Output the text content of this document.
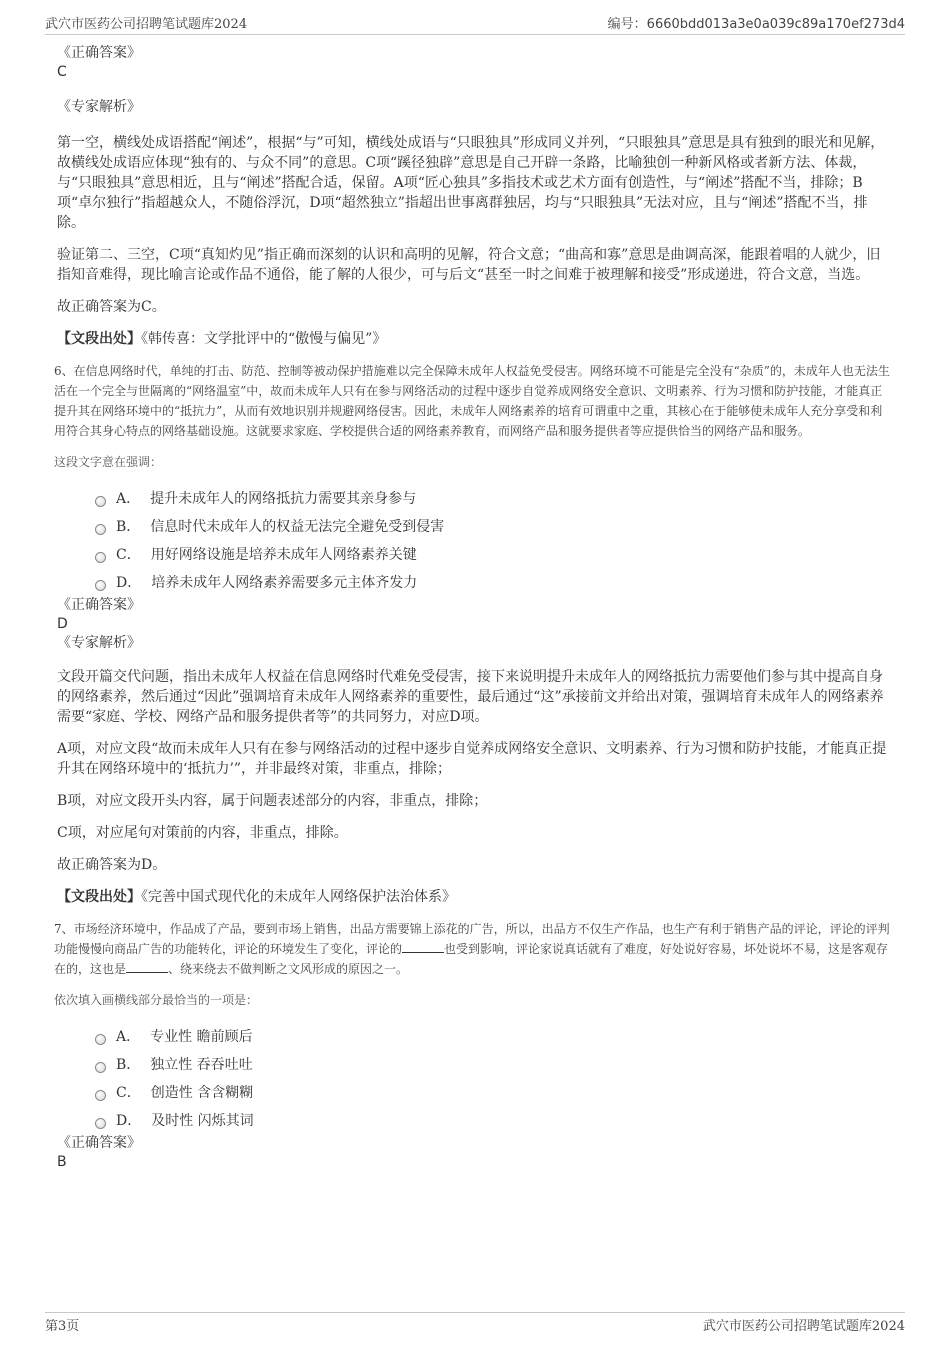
武穴市医药公司招聘笔试题库2024	编号：6660bdd013a3e0a039c89a170ef273d4
《正确答案》
C
《专家解析》
第一空，横线处成语搭配“阐述”，根据“与”可知，横线处成语与“只眼独具”形成同义并列，“只眼独具”意思是具有独到的眼光和见解，故横线处成语应体现“独有的、与众不同”的意思。C项“蹊径独辟”意思是自己开辟一条路，比喻独创一种新风格或者新方法、体裁，与“只眼独具”意思相近，且与“阐述”搭配合适，保留。A项“匠心独具”多指技术或艺术方面有创造性，与“阐述”搭配不当，排除；B项“卓尔独行”指超越众人，不随俗浮沉，D项“超然独立”指超出世事离群独居，均与“只眼独具”无法对应，且与“阐述”搭配不当，排除。
验证第二、三空，C项“真知灼见”指正确而深刻的认识和高明的见解，符合文意；“曲高和寡”意思是曲调高深，能跟着唱的人就少，旧指知音难得，现比喻言论或作品不通俗，能了解的人很少，可与后文“甚至一时之间难于被理解和接受”形成递进，符合文意，当选。
故正确答案为C。
【文段出处】《韩传喜：文学批评中的“傲慢与偏见”》
6、在信息网络时代，单纯的打击、防范、控制等被动保护措施难以完全保障未成年人权益免受侵害。网络环境不可能是完全没有“杂质”的，未成年人也无法生活在一个完全与世隔离的“网络温室”中，故而未成年人只有在参与网络活动的过程中逐步自觉养成网络安全意识、文明素养、行为习惯和防护技能，才能真正提升其在网络环境中的“抵抗力”，从而有效地识别并规避网络侵害。因此，未成年人网络素养的培育可谓重中之重，其核心在于能够使未成年人充分享受和利用符合其身心特点的网络基础设施。这就要求家庭、学校提供合适的网络素养教育，而网络产品和服务提供者等应提供恰当的网络产品和服务。
这段文字意在强调：
A． 提升未成年人的网络抵抗力需要其亲身参与
B． 信息时代未成年人的权益无法完全避免受到侵害
C． 用好网络设施是培养未成年人网络素养关键
D． 培养未成年人网络素养需要多元主体齐发力
《正确答案》
D
《专家解析》
文段开篇交代问题，指出未成年人权益在信息网络时代难免受侵害，接下来说明提升未成年人的网络抵抗力需要他们参与其中提高自身的网络素养，然后通过“因此”强调培育未成年人网络素养的重要性，最后通过“这”承接前文并给出对策，强调培育未成年人的网络素养需要“家庭、学校、网络产品和服务提供者等”的共同努力，对应D项。
A项，对应文段“故而未成年人只有在参与网络活动的过程中逐步自觉养成网络安全意识、文明素养、行为习惯和防护技能，才能真正提升其在网络环境中的‘抵抗力’”，并非最终对策，非重点，排除；
B项，对应文段开头内容，属于问题表述部分的内容，非重点，排除；
C项，对应尾句对策前的内容，非重点，排除。
故正确答案为D。
【文段出处】《完善中国式现代化的未成年人网络保护法治体系》
7、市场经济环境中，作品成了产品，要到市场上销售，出品方需要锦上添花的广告，所以，出品方不仅生产作品，也生产有利于销售产品的评论，评论的评判功能慢慢向商品广告的功能转化，评论的环境发生了变化，评论的	也受到影响，评论家说真话就有了难度，好处说好容易，坏处说坏不易，这是客观存在的，这也是	、绕来绕去不做判断之文风形成的原因之一。
依次填入画横线部分最恰当的一项是：
A． 专业性 瞻前顾后
B． 独立性 吞吞吐吐
C． 创造性 含含糊糊
D． 及时性 闪烁其词
《正确答案》
B
第3页	武穴市医药公司招聘笔试题库2024
